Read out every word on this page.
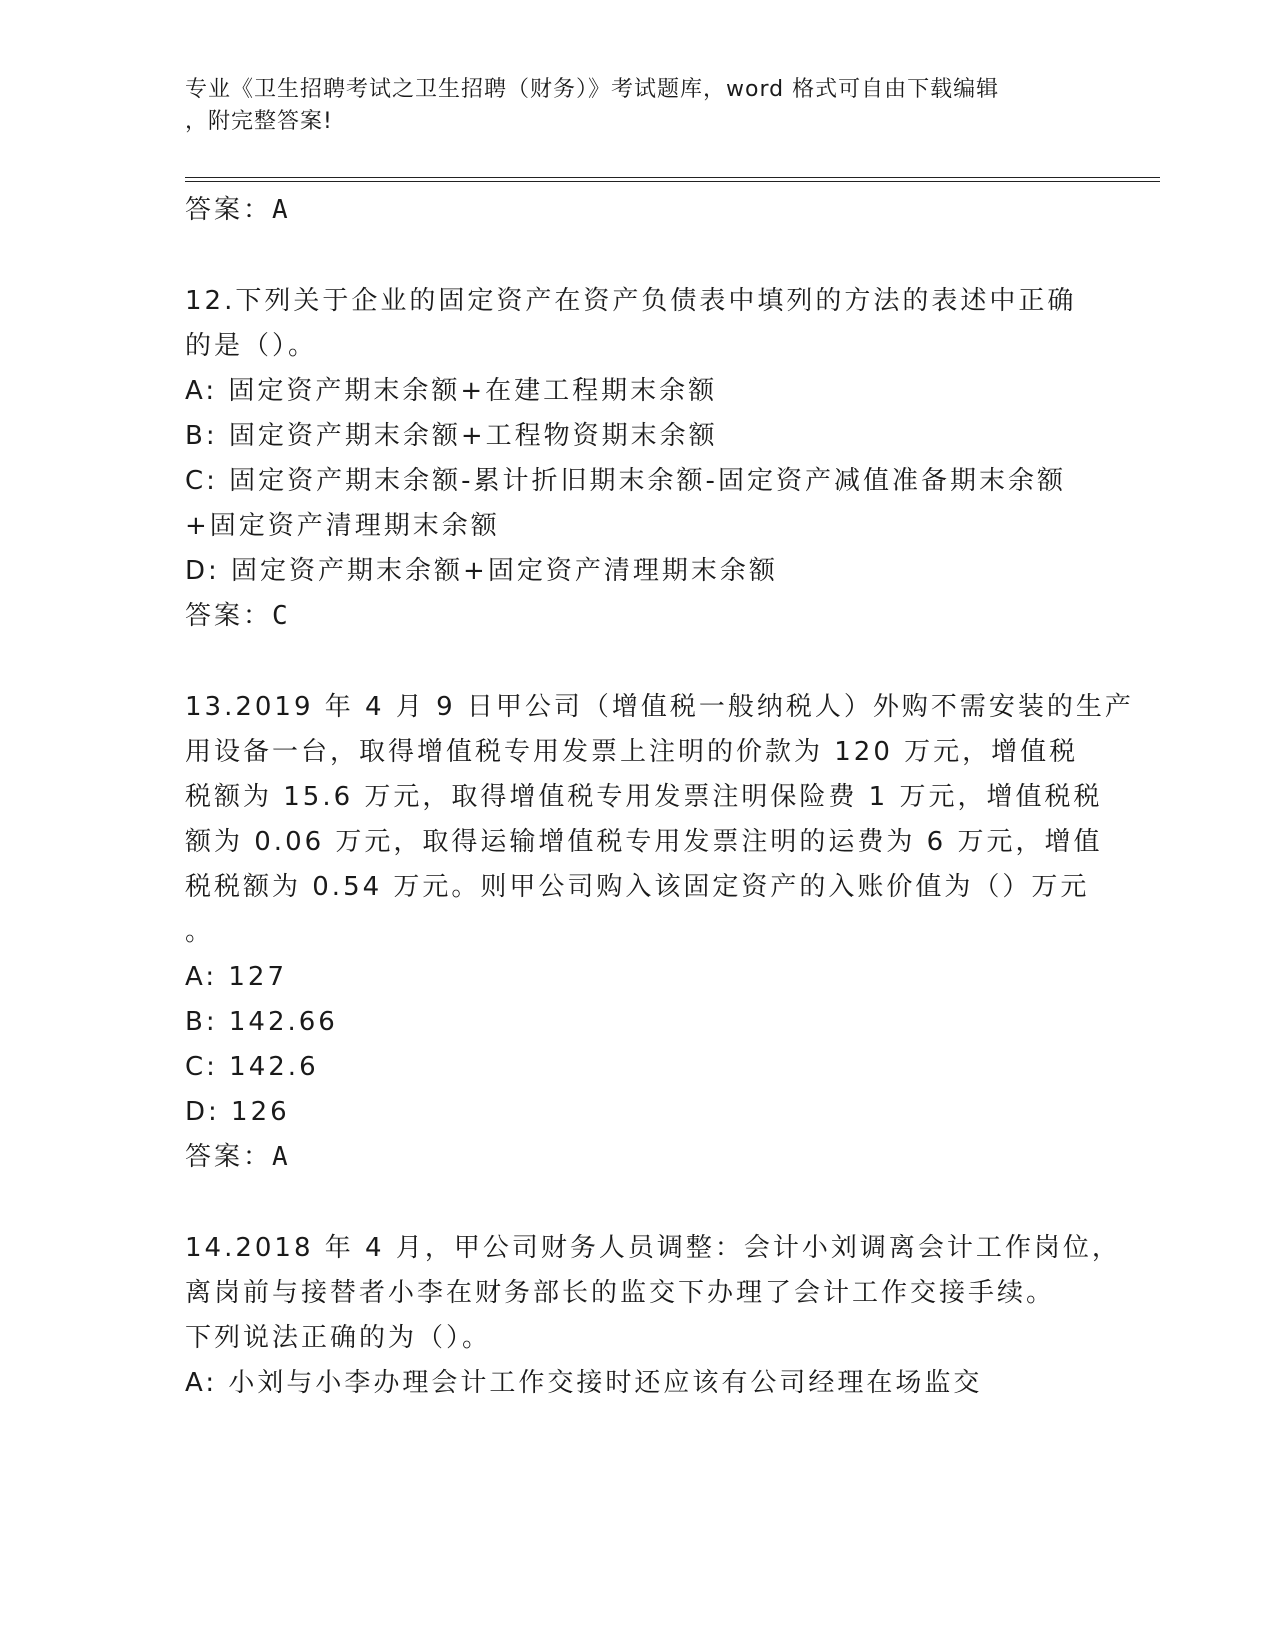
专业《卫生招聘考试之卫生招聘（财务）》考试题库，word 格式可自由下载编辑
，附完整答案!
答案：A
12.下列关于企业的固定资产在资产负债表中填列的方法的表述中正确
的是（）。
A: 固定资产期末余额+在建工程期末余额
B: 固定资产期末余额+工程物资期末余额
C: 固定资产期末余额-累计折旧期末余额-固定资产减值准备期末余额
+固定资产清理期末余额
D: 固定资产期末余额+固定资产清理期末余额
答案：C
13.2019 年 4 月 9 日甲公司（增值税一般纳税人）外购不需安装的生产
用设备一台，取得增值税专用发票上注明的价款为 120 万元，增值税
税额为 15.6 万元，取得增值税专用发票注明保险费 1 万元，增值税税
额为 0.06 万元，取得运输增值税专用发票注明的运费为 6 万元，增值
税税额为 0.54 万元。则甲公司购入该固定资产的入账价值为（）万元
。
A: 127
B: 142.66
C: 142.6
D: 126
答案：A
14.2018 年 4 月，甲公司财务人员调整：会计小刘调离会计工作岗位，
离岗前与接替者小李在财务部长的监交下办理了会计工作交接手续。
下列说法正确的为（）。
A: 小刘与小李办理会计工作交接时还应该有公司经理在场监交
